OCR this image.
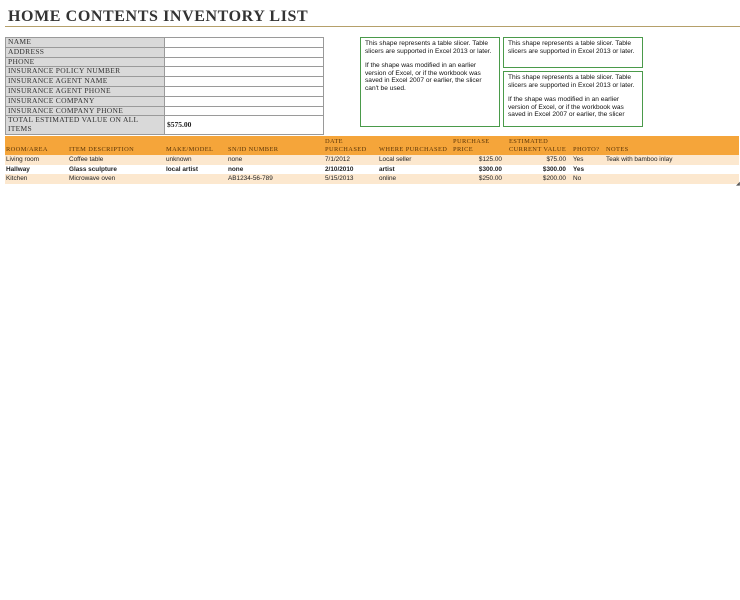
HOME CONTENTS INVENTORY LIST
NAME	
ADDRESS	
PHONE	
INSURANCE POLICY NUMBER	
INSURANCE AGENT NAME	
INSURANCE AGENT PHONE	
INSURANCE COMPANY	
INSURANCE COMPANY PHONE	
TOTAL ESTIMATED VALUE ON ALL ITEMS	$575.00

This shape represents a table slicer. Table slicers are supported in Excel 2013 or later.

If the shape was modified in an earlier version of Excel, or if the workbook was saved in Excel 2007 or earlier, the slicer can't be used.

This shape represents a table slicer. Table slicers are supported in Excel 2013 or later.

This shape represents a table slicer. Table slicers are supported in Excel 2013 or later.

If the shape was modified in an earlier version of Excel, or if the workbook was saved in Excel 2007 or earlier, the slicer

ROOM/AREA	ITEM DESCRIPTION	MAKE/MODEL	SN/ID NUMBER	DATE PURCHASED	WHERE PURCHASED	PURCHASE PRICE	ESTIMATED CURRENT VALUE	PHOTO?	NOTES
Living room	Coffee table	unknown	none	7/1/2012	Local seller	$125.00	$75.00	Yes	Teak with bamboo inlay
Hallway	Glass sculpture	local artist	none	2/10/2010	artist	$300.00	$300.00	Yes	
Kitchen	Microwave oven		AB1234-56-789	5/15/2013	online	$250.00	$200.00	No	
◢
